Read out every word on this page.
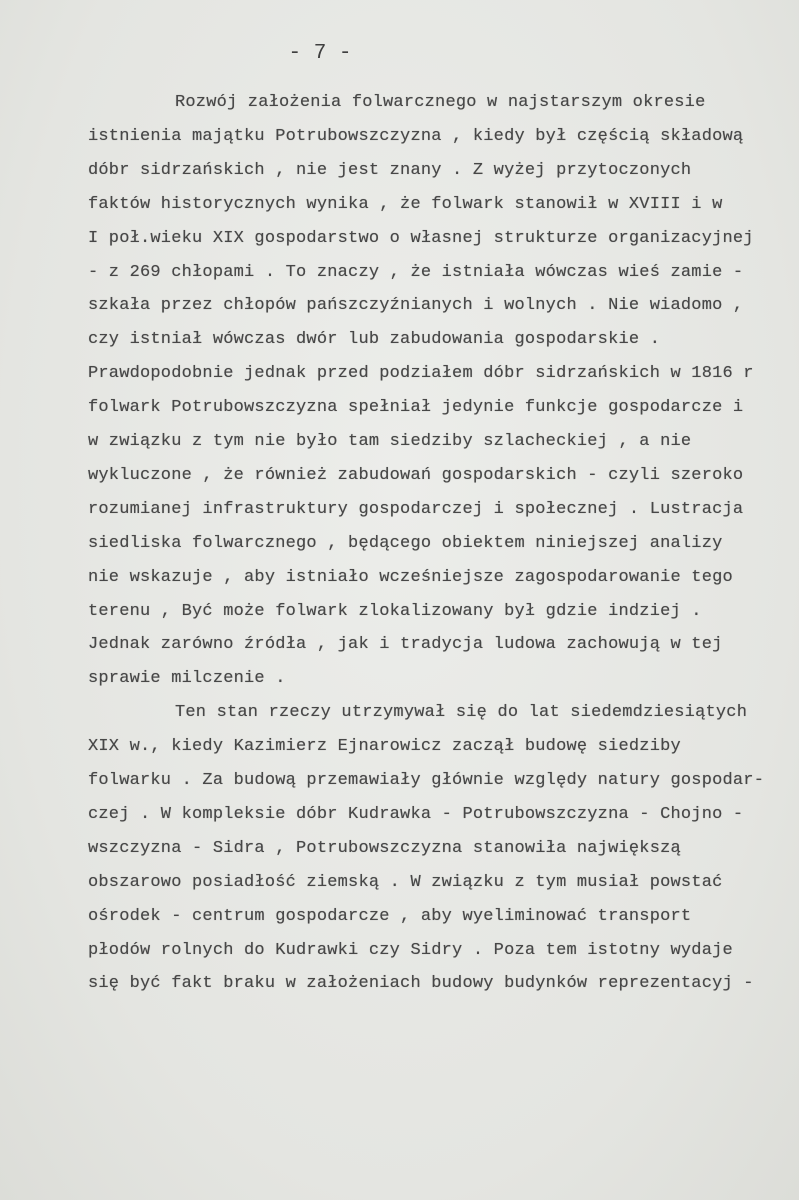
- 7 -
Rozwój założenia folwarcznego w najstarszym okresie
istnienia majątku Potrubowszczyzna , kiedy był częścią składową
dóbr sidrzańskich , nie jest znany . Z wyżej przytoczonych
faktów historycznych wynika , że folwark stanowił w XVIII i w
I poł.wieku XIX gospodarstwo o własnej strukturze organizacyjnej
- z 269 chłopami . To znaczy , że istniała wówczas wieś zamie -
szkała przez chłopów pańszczyźnianych i wolnych . Nie wiadomo ,
czy istniał wówczas dwór lub zabudowania gospodarskie .
Prawdopodobnie jednak przed podziałem dóbr sidrzańskich w 1816 r
folwark Potrubowszczyzna spełniał jedynie funkcje gospodarcze i
w związku z tym nie było tam siedziby szlacheckiej , a nie
wykluczone , że również zabudowań gospodarskich - czyli szeroko
rozumianej infrastruktury gospodarczej i społecznej . Lustracja
siedliska folwarcznego , będącego obiektem niniejszej analizy
nie wskazuje , aby istniało wcześniejsze zagospodarowanie tego
terenu , Być może folwark zlokalizowany był gdzie indziej .
Jednak zarówno źródła , jak i tradycja ludowa zachowują w tej
sprawie milczenie .
Ten stan rzeczy utrzymywał się do lat siedemdziesiątych
XIX w., kiedy Kazimierz Ejnarowicz zaczął budowę siedziby
folwarku . Za budową przemawiały głównie względy natury gospodar-
czej . W kompleksie dóbr Kudrawka - Potrubowszczyzna - Chojno -
wszczyzna - Sidra , Potrubowszczyzna stanowiła największą
obszarowo posiadłość ziemską . W związku z tym musiał powstać
ośrodek - centrum gospodarcze , aby wyeliminować transport
płodów rolnych do Kudrawki czy Sidry . Poza tem istotny wydaje
się być fakt braku w założeniach budowy budynków reprezentacyj -
